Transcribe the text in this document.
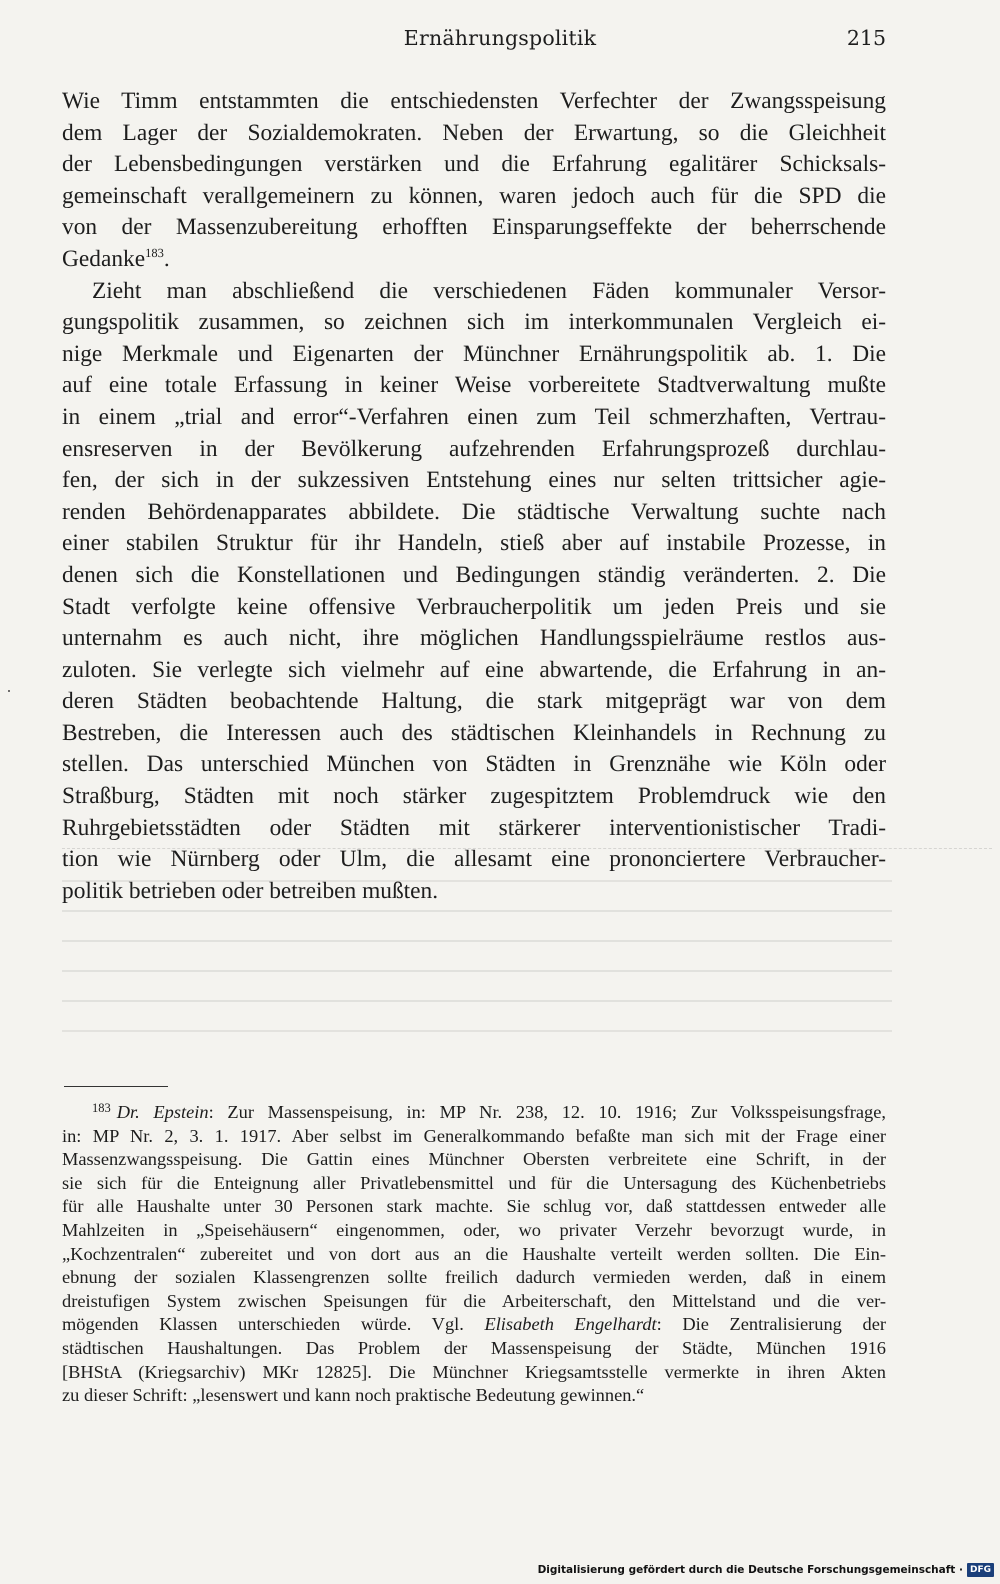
Ernährungspolitik	215
Wie Timm entstammten die entschiedensten Verfechter der Zwangsspeisung
dem Lager der Sozialdemokraten. Neben der Erwartung, so die Gleichheit
der Lebensbedingungen verstärken und die Erfahrung egalitärer Schicksals-
gemeinschaft verallgemeinern zu können, waren jedoch auch für die SPD die
von der Massenzubereitung erhofften Einsparungseffekte der beherrschende
Gedanke$^{183}$.
Zieht man abschließend die verschiedenen Fäden kommunaler Versor-
gungspolitik zusammen, so zeichnen sich im interkommunalen Vergleich ei-
nige Merkmale und Eigenarten der Münchner Ernährungspolitik ab. 1. Die
auf eine totale Erfassung in keiner Weise vorbereitete Stadtverwaltung mußte
in einem „trial and error“-Verfahren einen zum Teil schmerzhaften, Vertrau-
ensreserven in der Bevölkerung aufzehrenden Erfahrungsprozeß durchlau-
fen, der sich in der sukzessiven Entstehung eines nur selten trittsicher agie-
renden Behördenapparates abbildete. Die städtische Verwaltung suchte nach
einer stabilen Struktur für ihr Handeln, stieß aber auf instabile Prozesse, in
denen sich die Konstellationen und Bedingungen ständig veränderten. 2. Die
Stadt verfolgte keine offensive Verbraucherpolitik um jeden Preis und sie
unternahm es auch nicht, ihre möglichen Handlungsspielräume restlos aus-
zuloten. Sie verlegte sich vielmehr auf eine abwartende, die Erfahrung in an-
deren Städten beobachtende Haltung, die stark mitgeprägt war von dem
Bestreben, die Interessen auch des städtischen Kleinhandels in Rechnung zu
stellen. Das unterschied München von Städten in Grenznähe wie Köln oder
Straßburg, Städten mit noch stärker zugespitztem Problemdruck wie den
Ruhrgebietsstädten oder Städten mit stärkerer interventionistischer Tradi-
tion wie Nürnberg oder Ulm, die allesamt eine prononciertere Verbraucher-
politik betrieben oder betreiben mußten.
$^{183}$ Dr. Epstein: Zur Massenspeisung, in: MP Nr. 238, 12. 10. 1916; Zur Volksspeisungsfrage,
in: MP Nr. 2, 3. 1. 1917. Aber selbst im Generalkommando befaßte man sich mit der Frage einer
Massenzwangsspeisung. Die Gattin eines Münchner Obersten verbreitete eine Schrift, in der
sie sich für die Enteignung aller Privatlebensmittel und für die Untersagung des Küchenbetriebs
für alle Haushalte unter 30 Personen stark machte. Sie schlug vor, daß stattdessen entweder alle
Mahlzeiten in „Speisehäusern“ eingenommen, oder, wo privater Verzehr bevorzugt wurde, in
„Kochzentralen“ zubereitet und von dort aus an die Haushalte verteilt werden sollten. Die Ein-
ebnung der sozialen Klassengrenzen sollte freilich dadurch vermieden werden, daß in einem
dreistufigen System zwischen Speisungen für die Arbeiterschaft, den Mittelstand und die ver-
mögenden Klassen unterschieden würde. Vgl. Elisabeth Engelhardt: Die Zentralisierung der
städtischen Haushaltungen. Das Problem der Massenspeisung der Städte, München 1916
[BHStA (Kriegsarchiv) MKr 12825]. Die Münchner Kriegsamtsstelle vermerkte in ihren Akten
zu dieser Schrift: „lesenswert und kann noch praktische Bedeutung gewinnen.“
Digitalisierung gefördert durch die Deutsche Forschungsgemeinschaft · DFG
